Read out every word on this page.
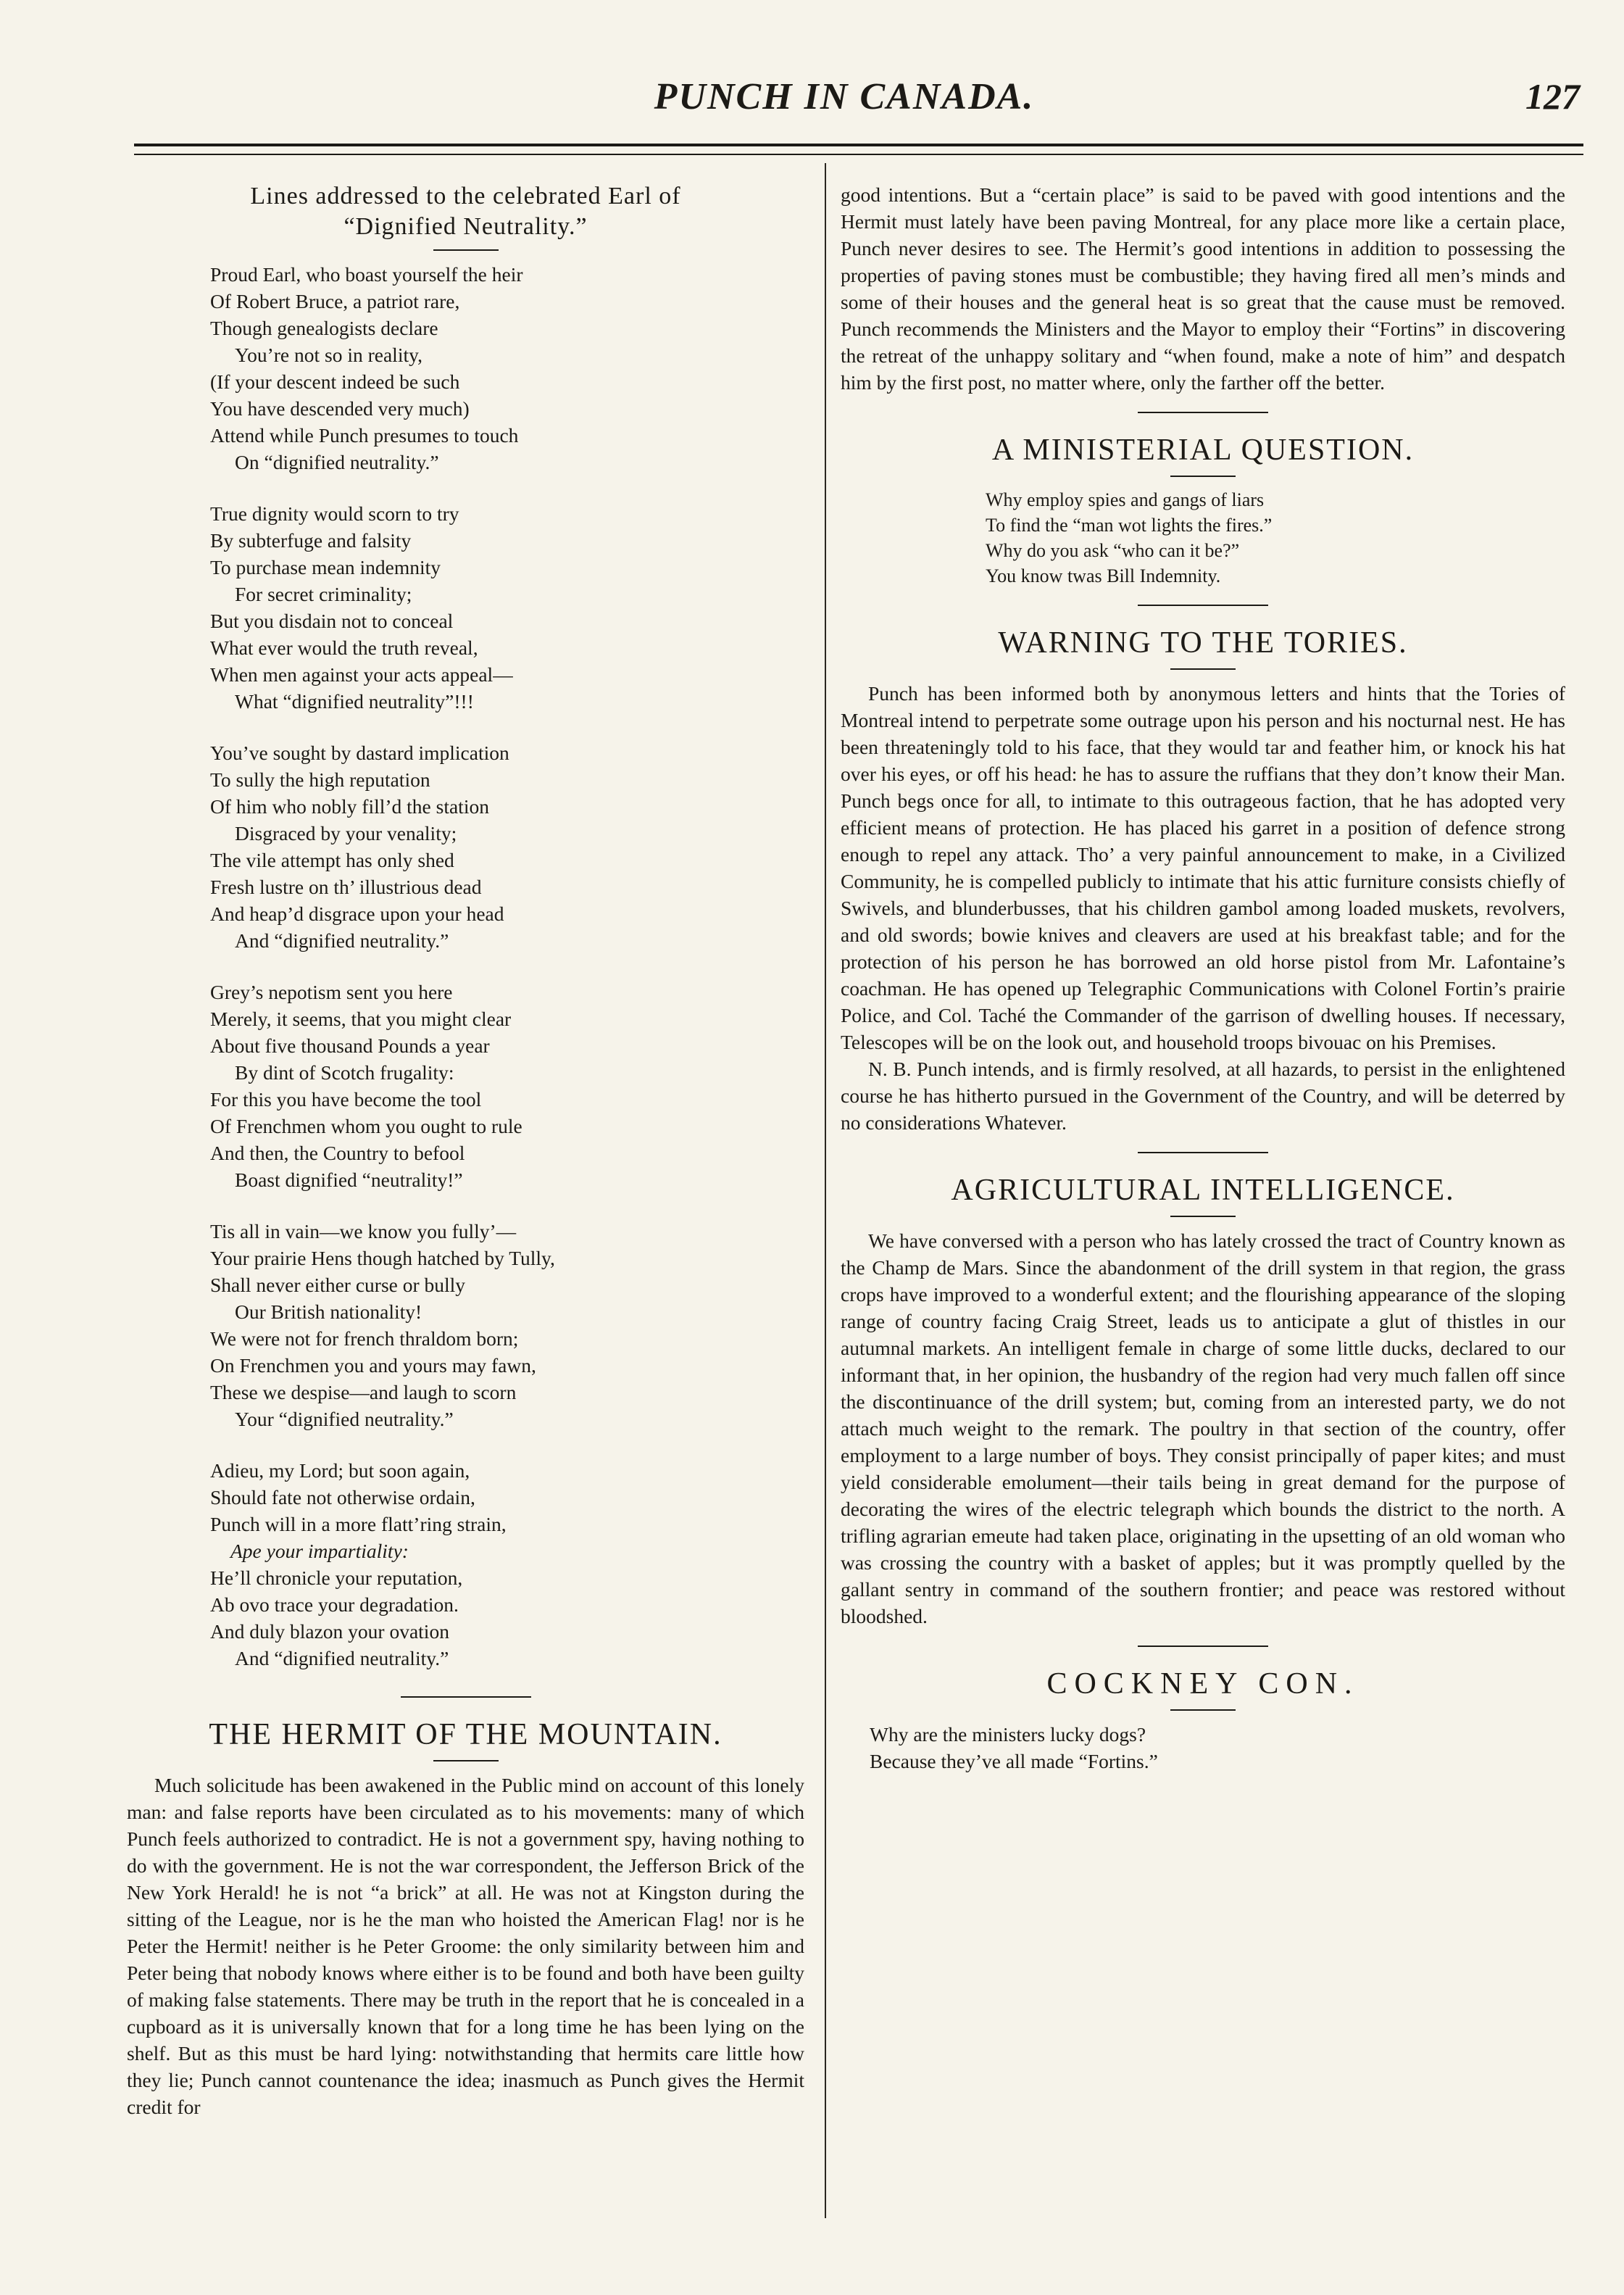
PUNCH IN CANADA.	127
Lines addressed to the celebrated Earl of
“Dignified Neutrality.”
Proud Earl, who boast yourself the heir
Of Robert Bruce, a patriot rare,
Though genealogists declare
You’re not so in reality,
(If your descent indeed be such
You have descended very much)
Attend while Punch presumes to touch
On “dignified neutrality.”
True dignity would scorn to try
By subterfuge and falsity
To purchase mean indemnity
For secret criminality;
But you disdain not to conceal
What ever would the truth reveal,
When men against your acts appeal—
What “dignified neutrality”!!!
You’ve sought by dastard implication
To sully the high reputation
Of him who nobly fill’d the station
Disgraced by your venality;
The vile attempt has only shed
Fresh lustre on th’ illustrious dead
And heap’d disgrace upon your head
And “dignified neutrality.”
Grey’s nepotism sent you here
Merely, it seems, that you might clear
About five thousand Pounds a year
By dint of Scotch frugality:
For this you have become the tool
Of Frenchmen whom you ought to rule
And then, the Country to befool
Boast dignified “neutrality!”
Tis all in vain—we know you fully’—
Your prairie Hens though hatched by Tully,
Shall never either curse or bully
Our British nationality!
We were not for french thraldom born;
On Frenchmen you and yours may fawn,
These we despise—and laugh to scorn
Your “dignified neutrality.”
Adieu, my Lord; but soon again,
Should fate not otherwise ordain,
Punch will in a more flatt’ring strain,
Ape your impartiality:
He’ll chronicle your reputation,
Ab ovo trace your degradation.
And duly blazon your ovation
And “dignified neutrality.”
THE HERMIT OF THE MOUNTAIN.

Much solicitude has been awakened in the Public mind on account of this lonely man: and false reports have been circulated as to his movements: many of which Punch feels authorized to contradict. He is not a government spy, having nothing to do with the government. He is not the war correspondent, the Jefferson Brick of the New York Herald! he is not “a brick” at all. He was not at Kingston during the sitting of the League, nor is he the man who hoisted the American Flag! nor is he Peter the Hermit! neither is he Peter Groome: the only similarity between him and Peter being that nobody knows where either is to be found and both have been guilty of making false statements. There may be truth in the report that he is concealed in a cupboard as it is universally known that for a long time he has been lying on the shelf. But as this must be hard lying: notwithstanding that hermits care little how they lie; Punch cannot countenance the idea; inasmuch as Punch gives the Hermit credit for

good intentions. But a “certain place” is said to be paved with good intentions and the Hermit must lately have been paving Montreal, for any place more like a certain place, Punch never desires to see. The Hermit’s good intentions in addition to possessing the properties of paving stones must be combustible; they having fired all men’s minds and some of their houses and the general heat is so great that the cause must be removed. Punch recommends the Ministers and the Mayor to employ their “Fortins” in discovering the retreat of the unhappy solitary and “when found, make a note of him” and despatch him by the first post, no matter where, only the farther off the better.

A MINISTERIAL QUESTION.
Why employ spies and gangs of liars
To find the “man wot lights the fires.”
Why do you ask “who can it be?”
You know twas Bill Indemnity.
WARNING TO THE TORIES.

Punch has been informed both by anonymous letters and hints that the Tories of Montreal intend to perpetrate some outrage upon his person and his nocturnal nest. He has been threateningly told to his face, that they would tar and feather him, or knock his hat over his eyes, or off his head: he has to assure the ruffians that they don’t know their Man. Punch begs once for all, to intimate to this outrageous faction, that he has adopted very efficient means of protection. He has placed his garret in a position of defence strong enough to repel any attack. Tho’ a very painful announcement to make, in a Civilized Community, he is compelled publicly to intimate that his attic furniture consists chiefly of Swivels, and blunderbusses, that his children gambol among loaded muskets, revolvers, and old swords; bowie knives and cleavers are used at his breakfast table; and for the protection of his person he has borrowed an old horse pistol from Mr. Lafontaine’s coachman. He has opened up Telegraphic Communications with Colonel Fortin’s prairie Police, and Col. Taché the Commander of the garrison of dwelling houses. If necessary, Telescopes will be on the look out, and household troops bivouac on his Premises.

N. B. Punch intends, and is firmly resolved, at all hazards, to persist in the enlightened course he has hitherto pursued in the Government of the Country, and will be deterred by no considerations Whatever.

AGRICULTURAL INTELLIGENCE.

We have conversed with a person who has lately crossed the tract of Country known as the Champ de Mars. Since the abandonment of the drill system in that region, the grass crops have improved to a wonderful extent; and the flourishing appearance of the sloping range of country facing Craig Street, leads us to anticipate a glut of thistles in our autumnal markets. An intelligent female in charge of some little ducks, declared to our informant that, in her opinion, the husbandry of the region had very much fallen off since the discontinuance of the drill system; but, coming from an interested party, we do not attach much weight to the remark. The poultry in that section of the country, offer employment to a large number of boys. They consist principally of paper kites; and must yield considerable emolument—their tails being in great demand for the purpose of decorating the wires of the electric telegraph which bounds the district to the north. A trifling agrarian emeute had taken place, originating in the upsetting of an old woman who was crossing the country with a basket of apples; but it was promptly quelled by the gallant sentry in command of the southern frontier; and peace was restored without bloodshed.

COCKNEY CON.
Why are the ministers lucky dogs?
Because they’ve all made “Fortins.”
